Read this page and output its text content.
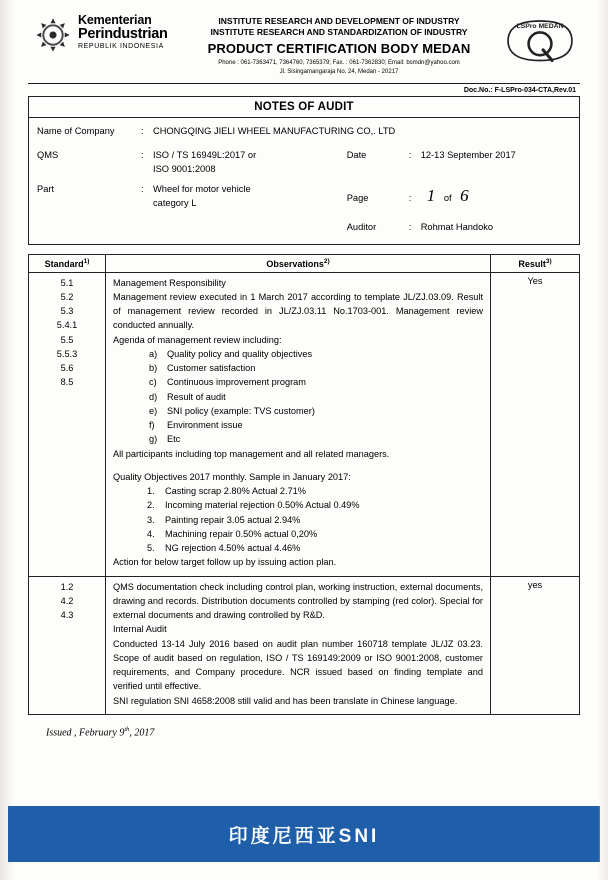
Kementerian
Perindustrian
REPUBLIK INDONESIA
INSTITUTE RESEARCH AND DEVELOPMENT OF INDUSTRY
INSTITUTE RESEARCH AND STANDARDIZATION OF INDUSTRY
PRODUCT CERTIFICATION BODY MEDAN
Phone : 061-7363471, 7364760, 7365379; Fax. : 061-7362830; Email: bsmdn@yahoo.com
Jl. Sisingamangaraja No. 24, Medan - 20217
LSPro MEDAN
Doc.No.: F-LSPro-034-CTA,Rev.01
NOTES OF AUDIT

Name of Company	:	CHONGQING JIELI WHEEL MANUFACTURING CO,. LTD
QMS	:	ISO / TS 16949L:2017 or
ISO 9001:2008
Date	:	12-13 September 2017
Part	:	Wheel for motor vehicle
category L	Page	: 1 of 6
Auditor	:	Rohmat Handoko
Standard$^{1)}$	Observations$^{2)}$	Result$^{3)}$

5.1
5.2
5.3
5.4.1
5.5
5.5.3
5.6
8.5

Management Responsibility
Management review executed in 1 March 2017 according to template JL/ZJ.03.09. Result of management review recorded in JL/ZJ.03.11 No.1703-001. Management review conducted annually.
Agenda of management review including:
a) Quality policy and quality objectives
b) Customer satisfaction
c) Continuous improvement program
d) Result of audit
e) SNI policy (example: TVS customer)
f) Environment issue
g) Etc
All participants including top management and all related managers.
Quality Objectives 2017 monthly. Sample in January 2017:
1. Casting scrap 2.80% Actual 2.71%
2. Incoming material rejection 0.50% Actual 0.49%
3. Painting repair 3.05 actual 2.94%
4. Machining repair 0.50% actual 0,20%
5. NG rejection 4.50% actual 4.46%
Action for below target follow up by issuing action plan.
	Yes

1.2
4.2
4.3

QMS documentation check including control plan, working instruction, external documents, drawing and records. Distribution documents controlled by stamping (red color). Special for external documents and drawing controlled by R&D.
Internal Audit
Conducted 13-14 July 2016 based on audit plan number 160718 template JL/JZ 03.23. Scope of audit based on regulation, ISO / TS 169149:2009 or ISO 9001:2008, customer requirements, and Company procedure. NCR issued based on finding template and verified until effective.
SNI regulation SNI 4658:2008 still valid and has been translate in Chinese language.
	yes
Issued , February 9th, 2017
印度尼西亚SNI
